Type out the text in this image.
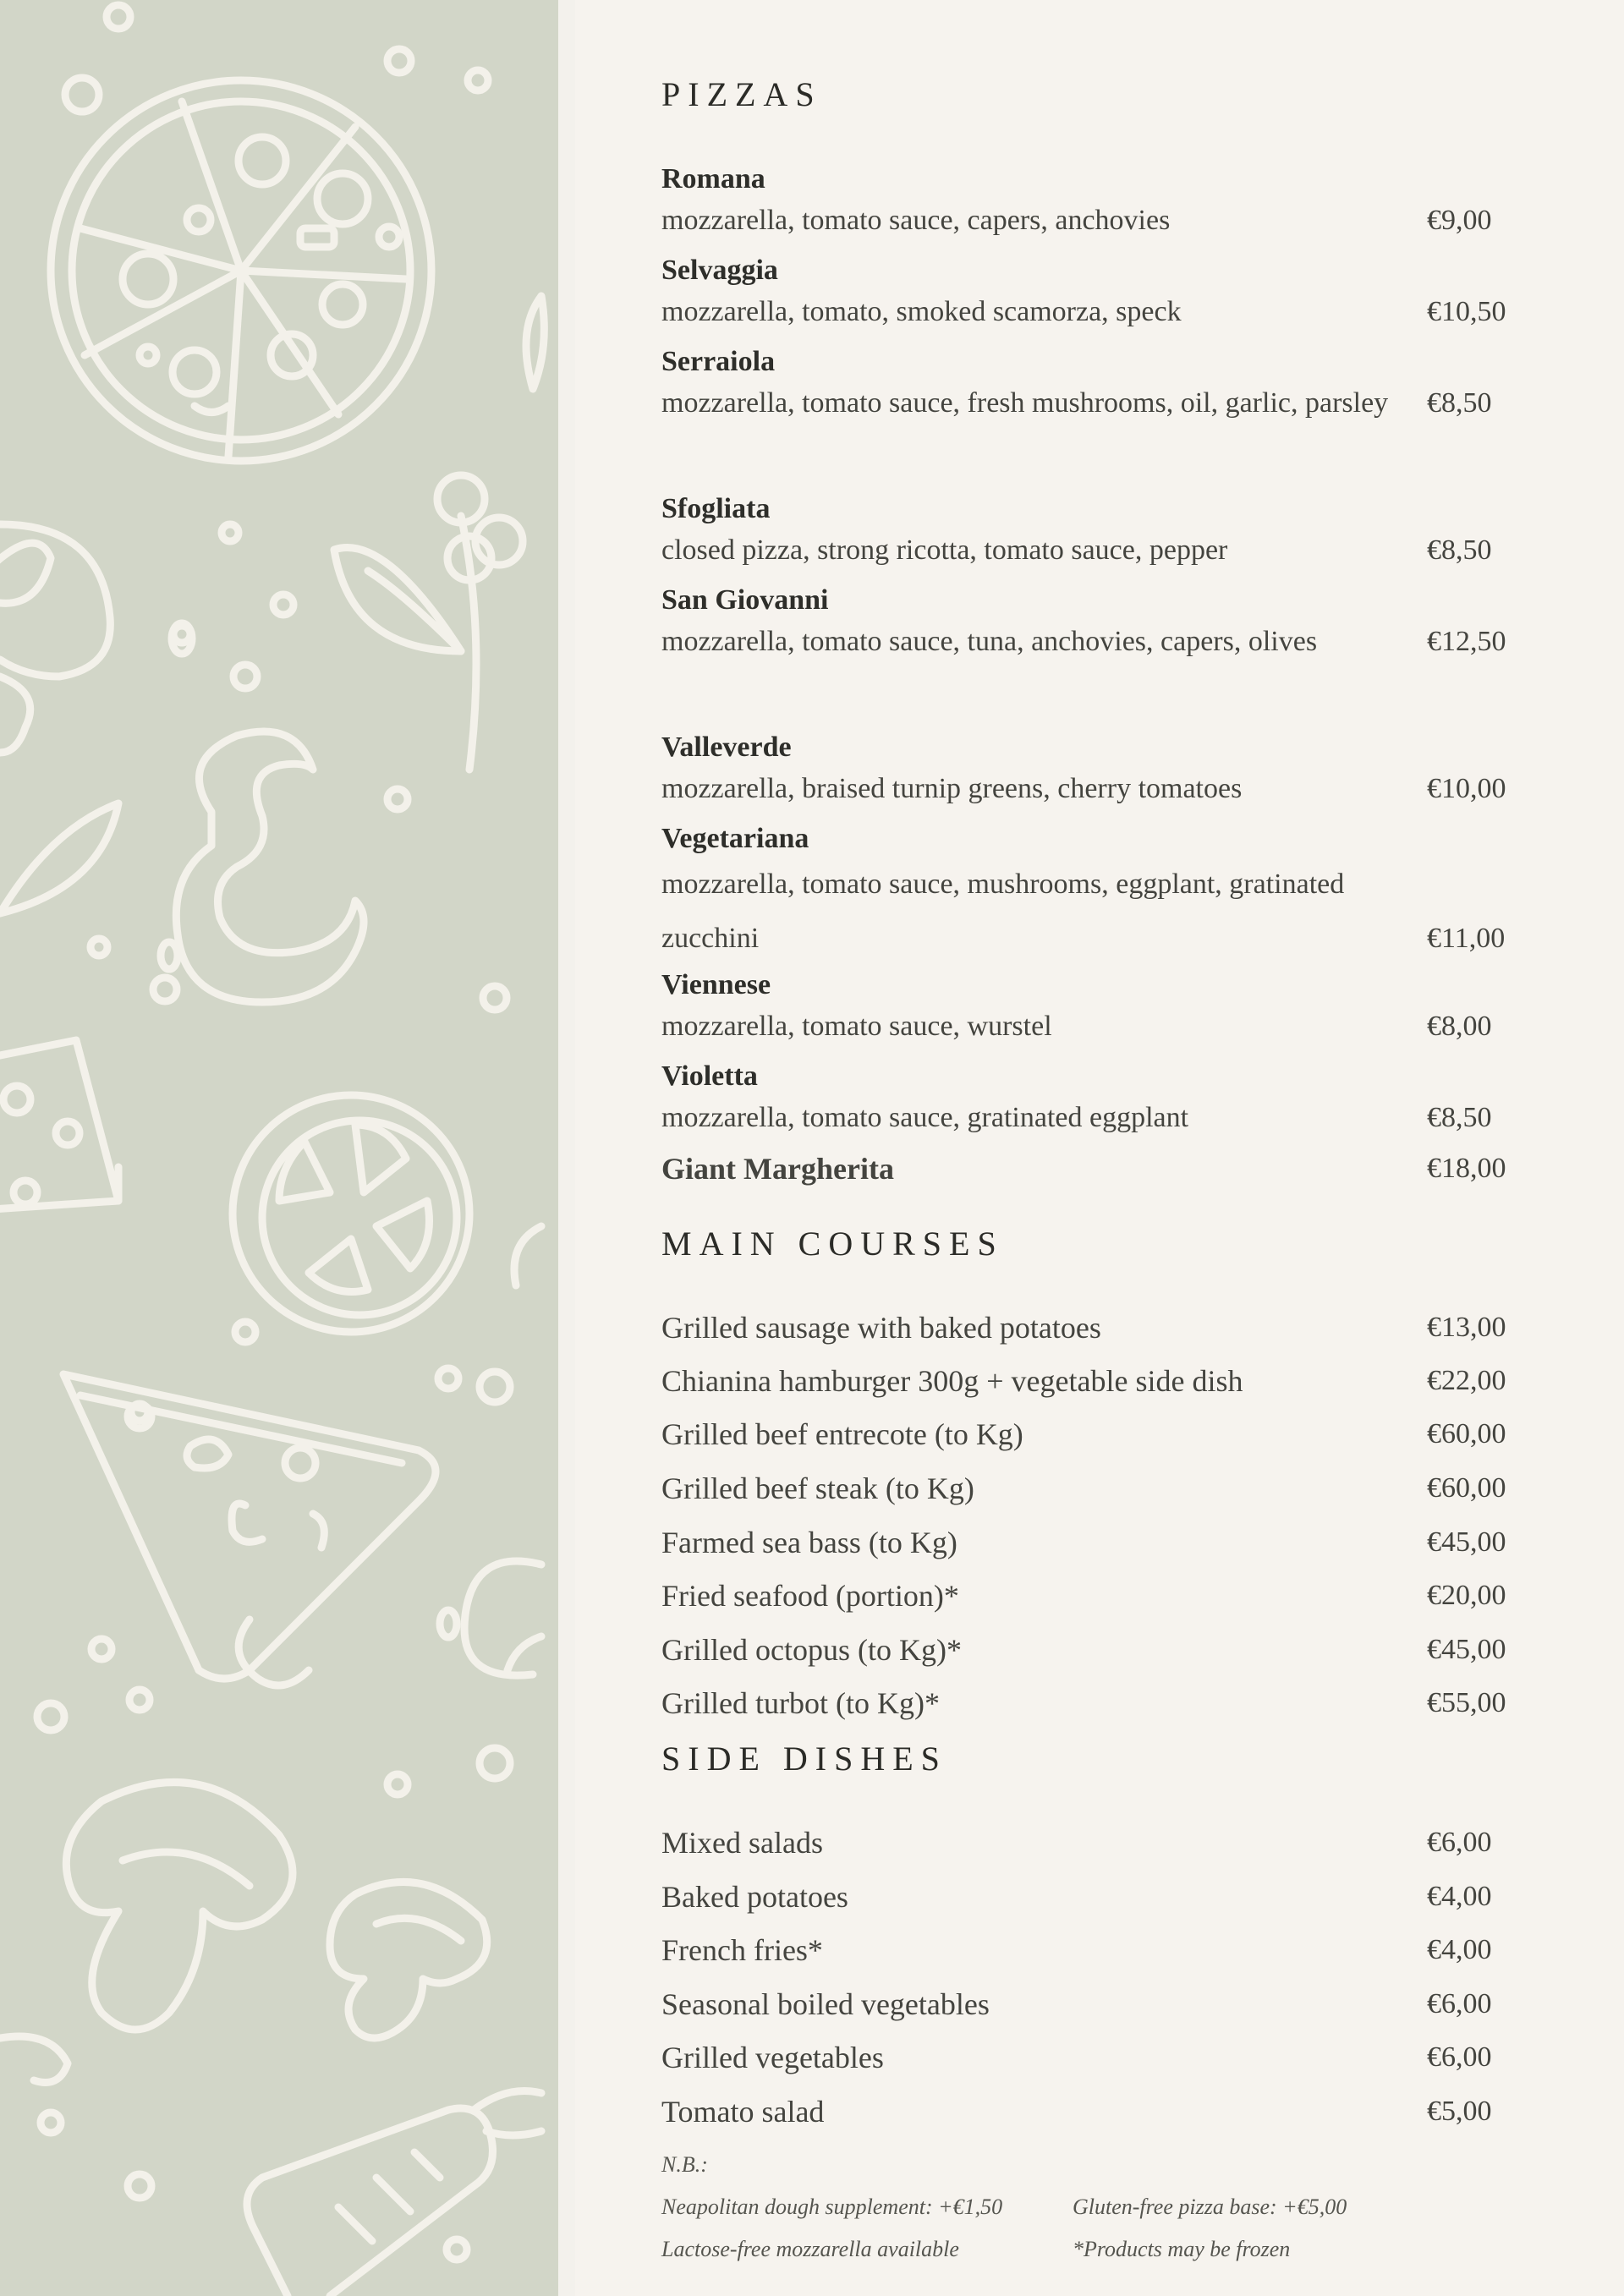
PIZZAS
Romana
mozzarella, tomato sauce, capers, anchovies	€9,00
Selvaggia
mozzarella, tomato, smoked scamorza, speck	€10,50
Serraiola
mozzarella, tomato sauce, fresh mushrooms, oil, garlic, parsley	€8,50
Sfogliata
closed pizza, strong ricotta, tomato sauce, pepper	€8,50
San Giovanni
mozzarella, tomato sauce, tuna, anchovies, capers, olives	€12,50
Valleverde
mozzarella, braised turnip greens, cherry tomatoes	€10,00
Vegetariana
mozzarella, tomato sauce, mushrooms, eggplant, gratinated zucchini	€11,00
Viennese
mozzarella, tomato sauce, wurstel	€8,00
Violetta
mozzarella, tomato sauce, gratinated eggplant	€8,50
Giant Margherita	€18,00
MAIN COURSES
Grilled sausage with baked potatoes	€13,00
Chianina hamburger 300g + vegetable side dish	€22,00
Grilled beef entrecote (to Kg)	€60,00
Grilled beef steak (to Kg)	€60,00
Farmed sea bass (to Kg)	€45,00
Fried seafood (portion)*	€20,00
Grilled octopus (to Kg)*	€45,00
Grilled turbot (to Kg)*	€55,00
SIDE DISHES
Mixed salads	€6,00
Baked potatoes	€4,00
French fries*	€4,00
Seasonal boiled vegetables	€6,00
Grilled vegetables	€6,00
Tomato salad	€5,00
N.B.:
Neapolitan dough supplement: +€1,50	Gluten-free pizza base: +€5,00
Lactose-free mozzarella available	*Products may be frozen
